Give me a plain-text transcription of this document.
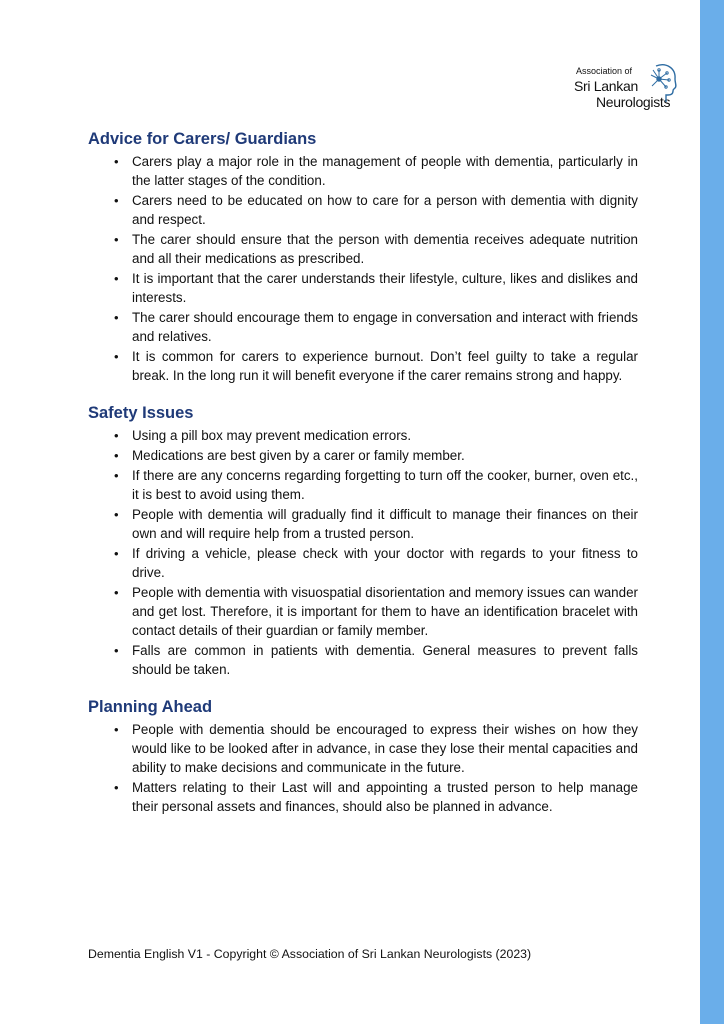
Association of
Sri Lankan
Neurologists
Advice for Carers/ Guardians
• Carers play a major role in the management of people with dementia, particularly in the latter stages of the condition.
• Carers need to be educated on how to care for a person with dementia with dignity and respect.
• The carer should ensure that the person with dementia receives adequate nutrition and all their medications as prescribed.
• It is important that the carer understands their lifestyle, culture, likes and dislikes and interests.
• The carer should encourage them to engage in conversation and interact with friends and relatives.
• It is common for carers to experience burnout. Don’t feel guilty to take a regular break. In the long run it will benefit everyone if the carer remains strong and happy.
Safety Issues
• Using a pill box may prevent medication errors.
• Medications are best given by a carer or family member.
• If there are any concerns regarding forgetting to turn off the cooker, burner, oven etc., it is best to avoid using them.
• People with dementia will gradually find it difficult to manage their finances on their own and will require help from a trusted person.
• If driving a vehicle, please check with your doctor with regards to your fitness to drive.
• People with dementia with visuospatial disorientation and memory issues can wander and get lost. Therefore, it is important for them to have an identification bracelet with contact details of their guardian or family member.
• Falls are common in patients with dementia. General measures to prevent falls should be taken.
Planning Ahead
• People with dementia should be encouraged to express their wishes on how they would like to be looked after in advance, in case they lose their mental capacities and ability to make decisions and communicate in the future.
• Matters relating to their Last will and appointing a trusted person to help manage their personal assets and finances, should also be planned in advance.
Dementia English V1 - Copyright © Association of Sri Lankan Neurologists (2023)
